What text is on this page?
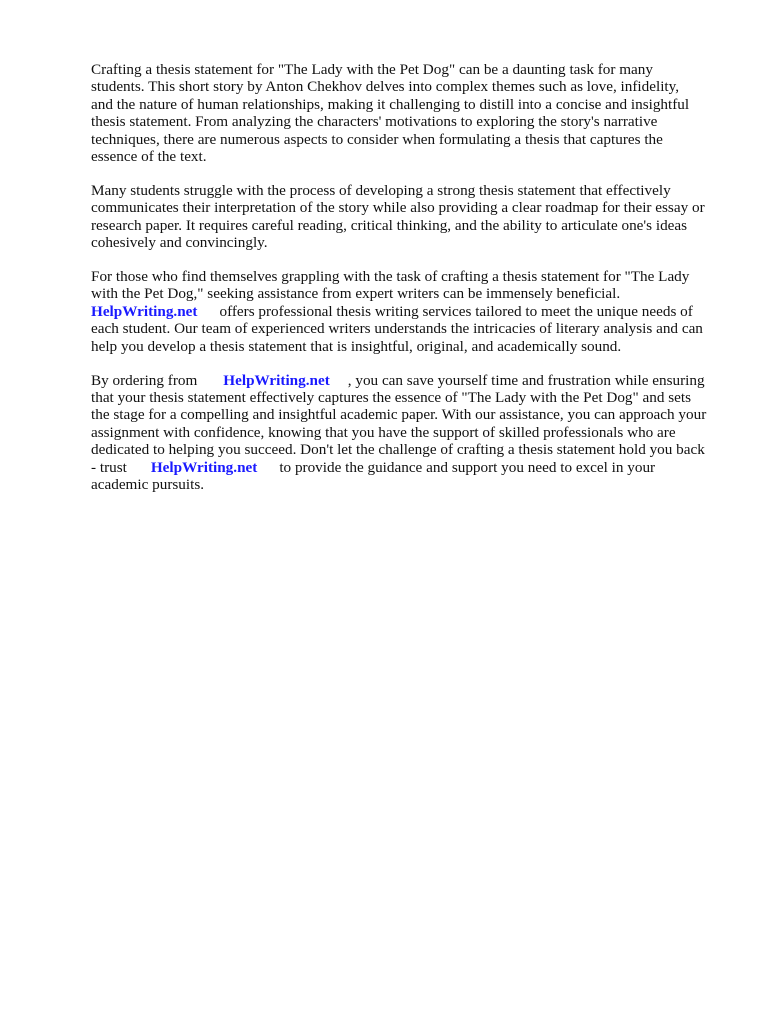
Crafting a thesis statement for "The Lady with the Pet Dog" can be a daunting task for many
students. This short story by Anton Chekhov delves into complex themes such as love, infidelity,
and the nature of human relationships, making it challenging to distill into a concise and insightful
thesis statement. From analyzing the characters' motivations to exploring the story's narrative
techniques, there are numerous aspects to consider when formulating a thesis that captures the
essence of the text.

Many students struggle with the process of developing a strong thesis statement that effectively
communicates their interpretation of the story while also providing a clear roadmap for their essay or
research paper. It requires careful reading, critical thinking, and the ability to articulate one's ideas
cohesively and convincingly.

For those who find themselves grappling with the task of crafting a thesis statement for "The Lady
with the Pet Dog," seeking assistance from expert writers can be immensely beneficial.
HelpWriting.net offers professional thesis writing services tailored to meet the unique needs of
each student. Our team of experienced writers understands the intricacies of literary analysis and can
help you develop a thesis statement that is insightful, original, and academically sound.

By ordering from HelpWriting.net , you can save yourself time and frustration while ensuring
that your thesis statement effectively captures the essence of "The Lady with the Pet Dog" and sets
the stage for a compelling and insightful academic paper. With our assistance, you can approach your
assignment with confidence, knowing that you have the support of skilled professionals who are
dedicated to helping you succeed. Don't let the challenge of crafting a thesis statement hold you back
- trust HelpWriting.net to provide the guidance and support you need to excel in your
academic pursuits.
